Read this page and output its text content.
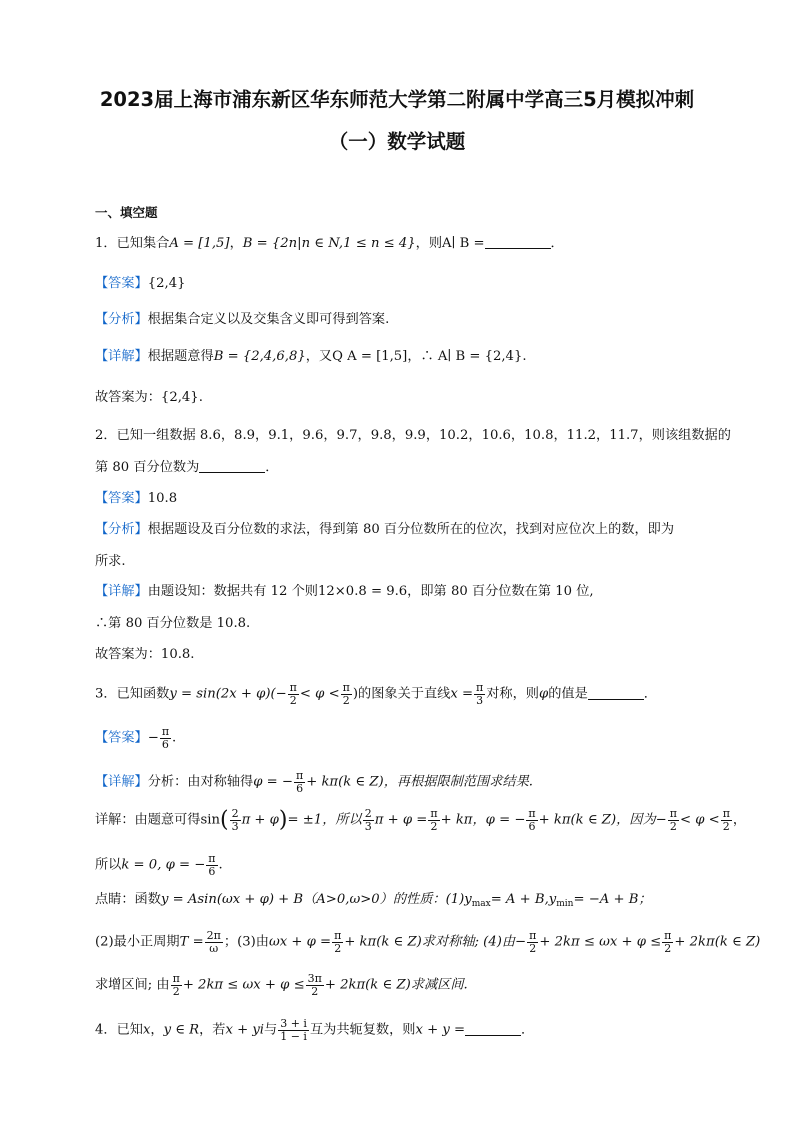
2023届上海市浦东新区华东师范大学第二附属中学高三5月模拟冲刺
（一）数学试题
一、填空题
1．已知集合A = [1,5]，B = {2n|n ∈ N,1 ≤ n ≤ 4}，则A∣ B =	．
【答案】{2,4}
【分析】根据集合定义以及交集含义即可得到答案.
【详解】根据题意得B = {2,4,6,8}，又Q A = [1,5]，∴ A∣ B = {2,4}.
故答案为：{2,4}.
2．已知一组数据 8.6，8.9，9.1，9.6，9.7，9.8，9.9，10.2，10.6，10.8，11.2，11.7，则该组数据的
第 80 百分位数为	．
【答案】10.8
【分析】根据题设及百分位数的求法，得到第 80 百分位数所在的位次，找到对应位次上的数，即为
所求.
【详解】由题设知：数据共有 12 个则12×0.8 = 9.6，即第 80 百分位数在第 10 位,
∴第 80 百分位数是 10.8.
故答案为：10.8.
3．已知函数$y = \sin(2x + \varphi)(- \frac{\pi}{2} < \varphi < \frac{\pi}{2}$ )的图象关于直线$x = \frac{\pi}{3}$ 对称，则φ的值是	．
【答案】− $\frac{\pi}{6}$ .
【详解】分析：由对称轴得φ = − $\frac{\pi}{6} + k\pi(k$ ∈ Z)，再根据限制范围求结果.
详解：由题意可得$\sin( \frac{2}{3}$ π + φ)= ±1，所以 $\frac{2}{3}$ $\pi + \varphi = \frac{\pi}{2} + k\pi$，φ = − $\frac{\pi}{6} + k\pi(k$ ∈ Z)，因为− $\frac{\pi}{2} < \varphi < \frac{\pi}{2}$ ，
所以k = 0, φ = − $\frac{\pi}{6}$ .
点睛：函数y = Asin(ωx + φ) + B（A>0,ω>0）的性质：$(1)y_{max}= A + B,y_{min}= -A + B$；
(2)最小正周期$T = \frac{2\pi}{\omega}$ ；(3)由$\omega x + \varphi = \frac{\pi}{2} + k\pi(k$ ∈ Z)求对称轴; (4)由− $\frac{\pi}{2} + 2k\pi \le \omega x + \varphi \le \frac{\pi}{2} + 2k\pi(k$ ∈ Z)
求增区间; 由 $\frac{\pi}{2} + 2k\pi \le \omega x + \varphi \le \frac{3\pi}{2} + 2k\pi(k$ ∈ Z)求减区间.
4．已知x，y ∈ R，若x + yi与 $\frac{3 + i}{1 - i}$ 互为共轭复数，则x + y =	．
